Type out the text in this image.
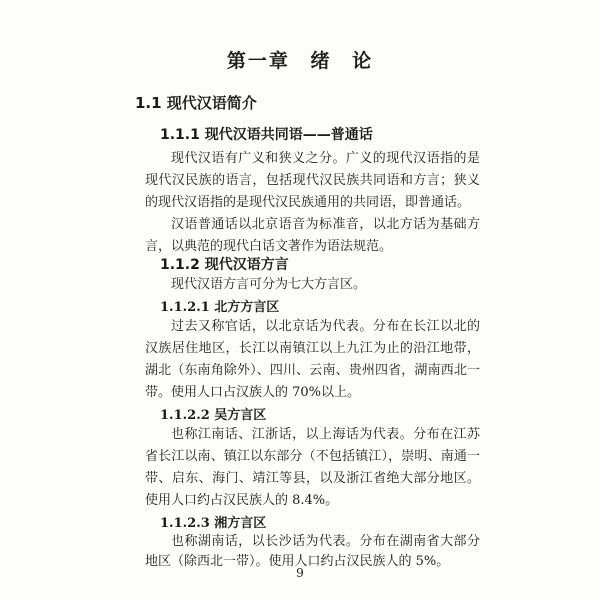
第一章 绪 论
1.1 现代汉语简介
1.1.1 现代汉语共同语——普通话
现代汉语有广义和狭义之分。广义的现代汉语指的是现代汉民族的语言，包括现代汉民族共同语和方言；狭义的现代汉语指的是现代汉民族通用的共同语，即普通话。
汉语普通话以北京语音为标准音，以北方话为基础方言，以典范的现代白话文著作为语法规范。
1.1.2 现代汉语方言
现代汉语方言可分为七大方言区。
1.1.2.1 北方方言区
过去又称官话，以北京话为代表。分布在长江以北的汉族居住地区，长江以南镇江以上九江为止的沿江地带，湖北（东南角除外）、四川、云南、贵州四省，湖南西北一带。使用人口占汉族人的 70%以上。
1.1.2.2 吴方言区
也称江南话、江浙话，以上海话为代表。分布在江苏省长江以南、镇江以东部分（不包括镇江），崇明、南通一带、启东、海门、靖江等县，以及浙江省绝大部分地区。使用人口约占汉民族人的 8.4%。
1.1.2.3 湘方言区
也称湖南话，以长沙话为代表。分布在湖南省大部分地区（除西北一带）。使用人口约占汉民族人的 5%。
9
